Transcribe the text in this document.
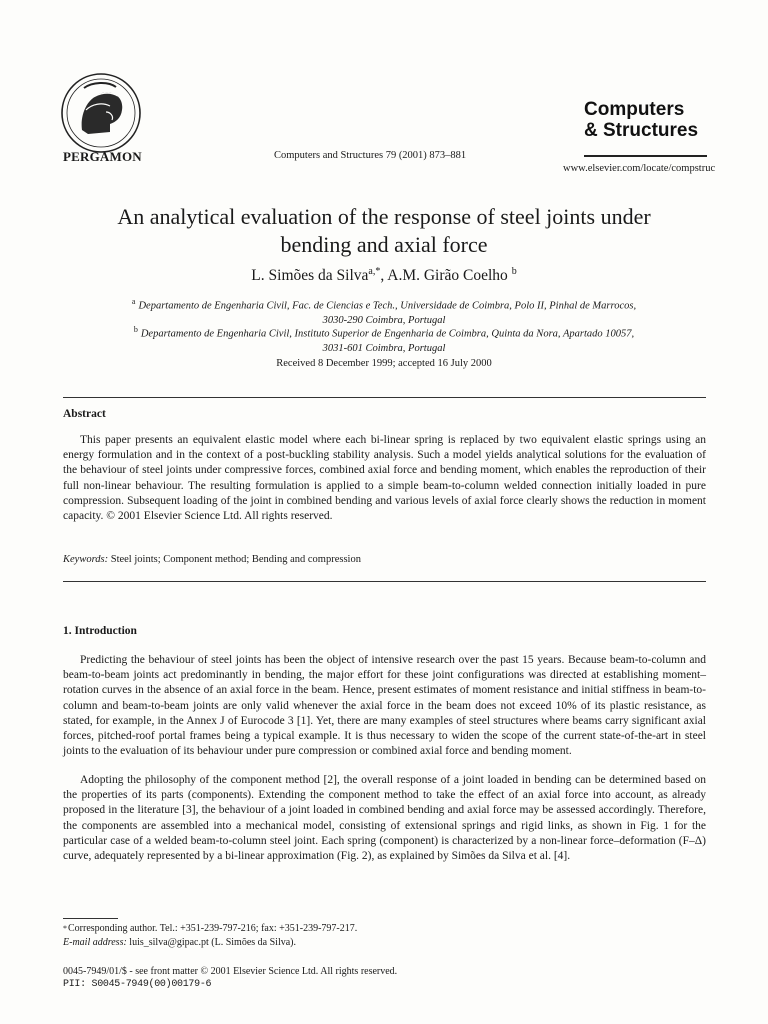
PERGAMON	Computers and Structures 79 (2001) 873–881
Computers
& Structures
www.elsevier.com/locate/compstruc
An analytical evaluation of the response of steel joints under
bending and axial force
L. Simões da Silva$^{a,*}$, A.M. Girão Coelho $^b$
$^a$ Departamento de Engenharia Civil, Fac. de Ciencias e Tech., Universidade de Coimbra, Polo II, Pinhal de Marrocos,
3030-290 Coimbra, Portugal
$^b$ Departamento de Engenharia Civil, Instituto Superior de Engenharia de Coimbra, Quinta da Nora, Apartado 10057,
3031-601 Coimbra, Portugal
Received 8 December 1999; accepted 16 July 2000
Abstract
This paper presents an equivalent elastic model where each bi-linear spring is replaced by two equivalent elastic springs using an energy formulation and in the context of a post-buckling stability analysis. Such a model yields analytical solutions for the evaluation of the behaviour of steel joints under compressive forces, combined axial force and bending moment, which enables the reproduction of their full non-linear behaviour. The resulting formulation is applied to a simple beam-to-column welded connection initially loaded in pure compression. Subsequent loading of the joint in combined bending and various levels of axial force clearly shows the reduction in moment capacity. © 2001 Elsevier Science Ltd. All rights reserved.
Keywords: Steel joints; Component method; Bending and compression
1. Introduction
Predicting the behaviour of steel joints has been the object of intensive research over the past 15 years. Because beam-to-column and beam-to-beam joints act predominantly in bending, the major effort for these joint configurations was directed at establishing moment–rotation curves in the absence of an axial force in the beam. Hence, present estimates of moment resistance and initial stiffness in beam-to-column and beam-to-beam joints are only valid whenever the axial force in the beam does not exceed 10% of its plastic resistance, as stated, for example, in the Annex J of Eurocode 3 [1]. Yet, there are many examples of steel structures where beams carry significant axial forces, pitched-roof portal frames being a typical example. It is thus necessary to widen the scope of the current state-of-the-art in steel joints to the evaluation of its behaviour under pure compression or combined axial force and bending moment.
Adopting the philosophy of the component method [2], the overall response of a joint loaded in bending can be determined based on the properties of its parts (components). Extending the component method to take the effect of an axial force into account, as already proposed in the literature [3], the behaviour of a joint loaded in combined bending and axial force may be assessed accordingly. Therefore, the components are assembled into a mechanical model, consisting of extensional springs and rigid links, as shown in Fig. 1 for the particular case of a welded beam-to-column steel joint. Each spring (component) is characterized by a non-linear force–deformation (F–Δ) curve, adequately represented by a bi-linear approximation (Fig. 2), as explained by Simões da Silva et al. [4].
*Corresponding author. Tel.: +351-239-797-216; fax: +351-239-797-217.
E-mail address: luis_silva@gipac.pt (L. Simões da Silva).
0045-7949/01/$ - see front matter © 2001 Elsevier Science Ltd. All rights reserved.
PII: S0045-7949(00)00179-6
